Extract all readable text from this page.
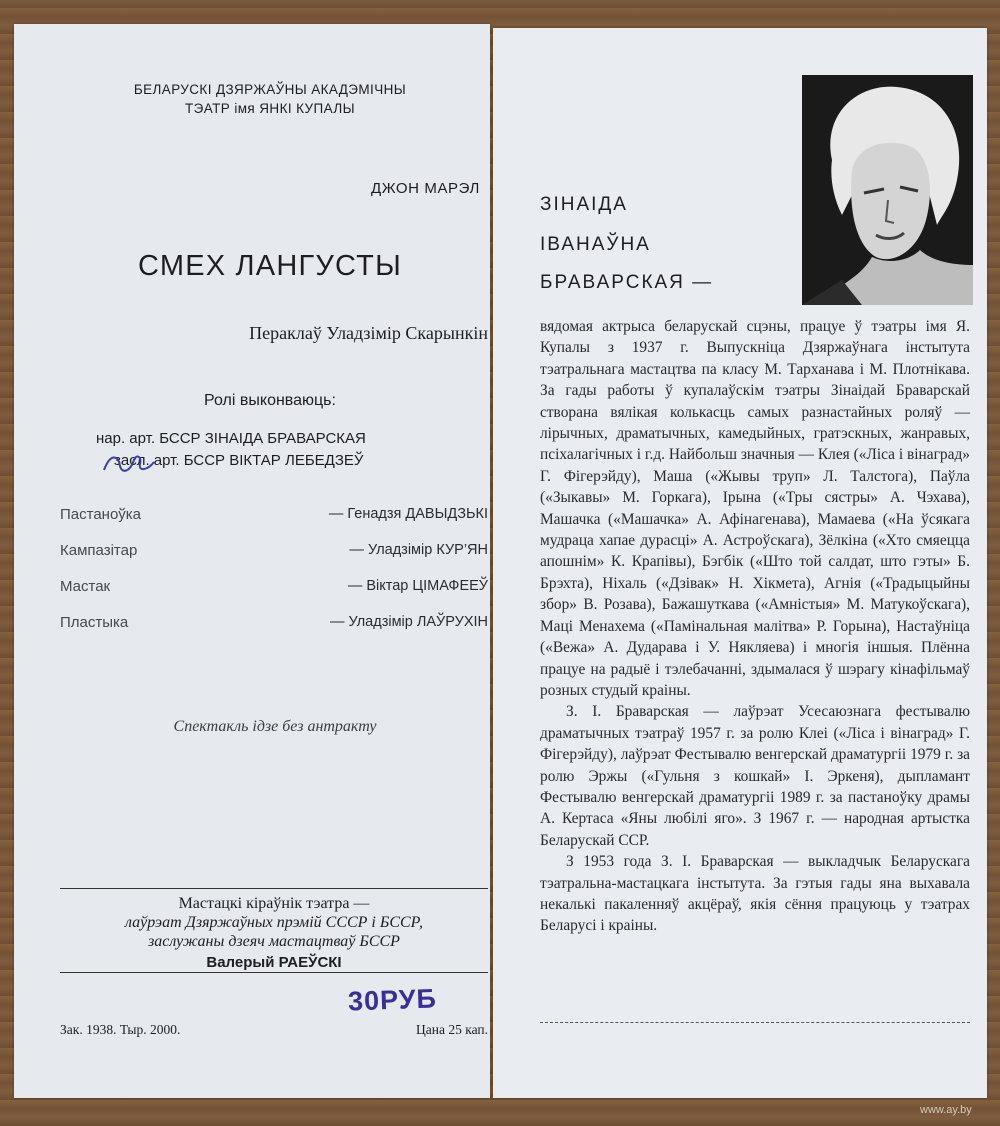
БЕЛАРУСКІ ДЗЯРЖАЎНЫ АКАДЭМІЧНЫ
ТЭАТР імя ЯНКІ КУПАЛЫ
ДЖОН МАРЭЛ
СМЕХ ЛАНГУСТЫ
Пераклаў Уладзімір Скарынкін
Ролі выконваюць:
нар. арт. БССР ЗІНАІДА БРАВАРСКАЯ
засл. арт. БССР ВІКТАР ЛЕБЕДЗЕЎ
Пастаноўка	— Генадзя ДАВЫДЗЬКІ
Кампазітар	— Уладзімір КУР’ЯН
Мастак	— Віктар ЦІМАФЕЕЎ
Пластыка	— Уладзімір ЛАЎРУХІН
Спектакль ідзе без антракту
Мастацкі кіраўнік тэатра —
лаўрэат Дзяржаўных прэмій СССР і БССР,
заслужаны дзеяч мастацтваў БССР
Валерый РАЕЎСКІ
30РУБ
Зак. 1938. Тыр. 2000.	Цана 25 кап.
ЗІНАІДА
ІВАНАЎНА
БРАВАРСКАЯ —

вядомая актрыса беларускай сцэны, працуе ў тэатры імя Я. Купалы з 1937 г. Выпускніца Дзяржаўнага інстытута тэатральнага мастацтва па класу М. Тарханава і М. Плотнікава. За гады работы ў купалаўскім тэатры Зінаідай Браварскай створана вялікая колькасць самых разнастайных роляў — лірычных, драматычных, камедыйных, гратэскных, жанравых, псіхалагічных і г.д. Найбольш значныя — Клея («Ліса і вінаград» Г. Фігерэйду), Маша («Жывы труп» Л. Талстога), Паўла («Зыкавы» М. Горкага), Ірына («Тры сястры» А. Чэхава), Машачка («Машачка» А. Афінагенава), Мамаева («На ўсякага мудраца хапае дурасці» А. Астроўскага), Зёлкіна («Хто смяецца апошнім» К. Крапівы), Бэгбік («Што той салдат, што гэты» Б. Брэхта), Ніхаль («Дзівак» Н. Хікмета), Агнія («Традыцыйны збор» В. Розава), Бажашуткава («Амністыя» М. Матукоўскага), Маці Менахема («Памінальная малітва» Р. Горына), Настаўніца («Вежа» А. Дударава і У. Някляева) і многія іншыя. Плённа працуе на радыё і тэлебачанні, здымалася ў шэрагу кінафільмаў розных студый краіны.

З. І. Браварская — лаўрэат Усесаюзнага фестывалю драматычных тэатраў 1957 г. за ролю Клеі («Ліса і вінаград» Г. Фігерэйду), лаўрэат Фестывалю венгерскай драматургіі 1979 г. за ролю Эржы («Гульня з кошкай» І. Эркеня), дыпламант Фестывалю венгерскай драматургіі 1989 г. за пастаноўку драмы А. Кертаса «Яны любілі яго». З 1967 г. — народная артыстка Беларускай ССР.

З 1953 года З. І. Браварская — выкладчык Беларускага тэатральна-мастацкага інстытута. За гэтыя гады яна выхавала некалькі пакаленняў акцёраў, якія сёння працуюць у тэатрах Беларусі і краіны.

www.ay.by
